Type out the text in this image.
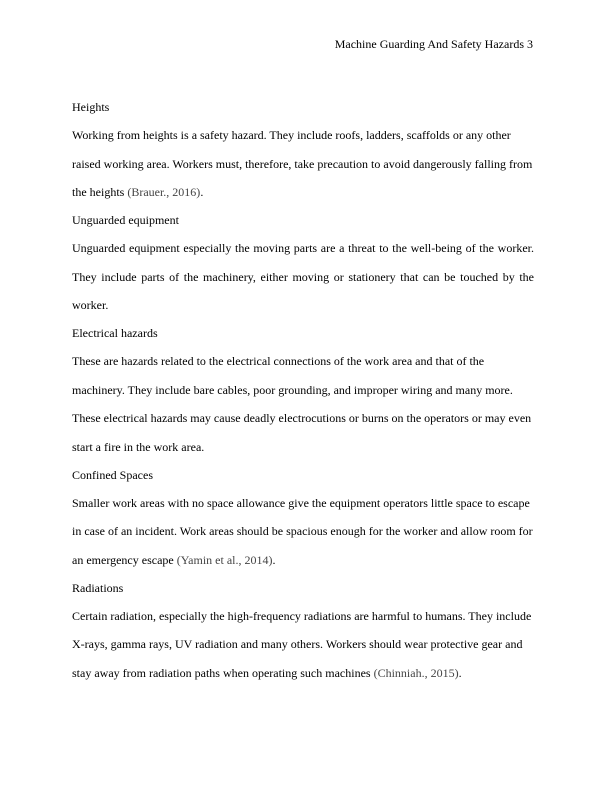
Machine Guarding And Safety Hazards 3
Heights
Working from heights is a safety hazard. They include roofs, ladders, scaffolds or any other
raised working area. Workers must, therefore, take precaution to avoid dangerously falling from
the heights (Brauer., 2016).
Unguarded equipment
Unguarded equipment especially the moving parts are a threat to the well-being of the worker.
They include parts of the machinery, either moving or stationery that can be touched by the
worker.
Electrical hazards
These are hazards related to the electrical connections of the work area and that of the
machinery. They include bare cables, poor grounding, and improper wiring and many more.
These electrical hazards may cause deadly electrocutions or burns on the operators or may even
start a fire in the work area.
Confined Spaces
Smaller work areas with no space allowance give the equipment operators little space to escape
in case of an incident. Work areas should be spacious enough for the worker and allow room for
an emergency escape (Yamin et al., 2014).
Radiations
Certain radiation, especially the high-frequency radiations are harmful to humans. They include
X-rays, gamma rays, UV radiation and many others. Workers should wear protective gear and
stay away from radiation paths when operating such machines (Chinniah., 2015).
